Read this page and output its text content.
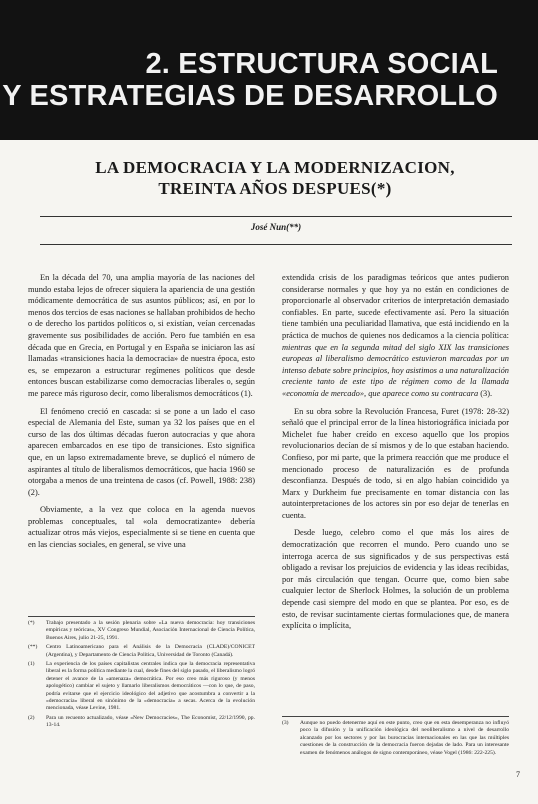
2. ESTRUCTURA SOCIAL
Y ESTRATEGIAS DE DESARROLLO
LA DEMOCRACIA Y LA MODERNIZACION,
TREINTA AÑOS DESPUES(*)
José Nun(**)

En la década del 70, una amplia mayoría de las naciones del mundo estaba lejos de ofrecer siquiera la apariencia de una gestión módicamente democrática de sus asuntos públicos; así, en por lo menos dos tercios de esas naciones se hallaban prohibidos de hecho o de derecho los partidos políticos o, si existían, veían cercenadas gravemente sus posibilidades de acción. Pero fue también en esa década que en Grecia, en Portugal y en España se iniciaron las así llamadas «transiciones hacia la democracia» de nuestra época, esto es, se empezaron a estructurar regímenes políticos que desde entonces buscan estabilizarse como democracias liberales o, según me parece más riguroso decir, como liberalismos democráticos (1).

El fenómeno creció en cascada: si se pone a un lado el caso especial de Alemania del Este, suman ya 32 los países que en el curso de las dos últimas décadas fueron autocracias y que ahora aparecen embarcados en ese tipo de transiciones. Esto significa que, en un lapso extremadamente breve, se duplicó el número de aspirantes al título de liberalismos democráticos, que hacia 1960 se otorgaba a menos de una treintena de casos (cf. Powell, 1988: 238) (2).

Obviamente, a la vez que coloca en la agenda nuevos problemas conceptuales, tal «ola democratizante» debería actualizar otros más viejos, especialmente si se tiene en cuenta que en las ciencias sociales, en general, se vive una

extendida crisis de los paradigmas teóricos que antes pudieron considerarse normales y que hoy ya no están en condiciones de proporcionarle al observador criterios de interpretación demasiado confiables. En parte, sucede efectivamente así. Pero la situación tiene también una peculiaridad llamativa, que está incidiendo en la práctica de muchos de quienes nos dedicamos a la ciencia política: mientras que en la segunda mitad del siglo XIX las transiciones europeas al liberalismo democrático estuvieron marcadas por un intenso debate sobre principios, hoy asistimos a una naturalización creciente tanto de este tipo de régimen como de la llamada «economía de mercado», que aparece como su contracara (3).

En su obra sobre la Revolución Francesa, Furet (1978: 28-32) señaló que el principal error de la línea historiográfica iniciada por Michelet fue haber creído en exceso aquello que los propios revolucionarios decían de sí mismos y de lo que estaban haciendo. Confieso, por mi parte, que la primera reacción que me produce el mencionado proceso de naturalización es de profunda desconfianza. Después de todo, si en algo habían coincidido ya Marx y Durkheim fue precisamente en tomar distancia con las autointerpretaciones de los actores sin por eso dejar de tenerlas en cuenta.

Desde luego, celebro como el que más los aires de democratización que recorren el mundo. Pero cuando uno se interroga acerca de sus significados y de sus perspectivas está obligado a revisar los prejuicios de evidencia y las ideas recibidas, por más circulación que tengan. Ocurre que, como bien sabe cualquier lector de Sherlock Holmes, la solución de un problema depende casi siempre del modo en que se plantea. Por eso, es de esto, de revisar sucintamente ciertas formulaciones que, de manera explícita o implícita,

(*)	Trabajo presentado a la sesión plenaria sobre «La nueva democracia: hoy transiciones empíricas y teóricas», XV Congreso Mundial, Asociación Internacional de Ciencia Política, Buenos Aires, julio 21-25, 1991.
(**)	Centro Latinoamericano para el Análisis de la Democracia (CLADE)/CONICET (Argentina), y Departamento de Ciencia Política, Universidad de Toronto (Canadá).
(1)	La experiencia de los países capitalistas centrales indica que la democracia representativa liberal es la forma política mediante la cual, desde fines del siglo pasado, el liberalismo logró detener el avance de la «amenaza» democrática. Por eso creo más riguroso (y menos apologético) cambiar el sujeto y llamarlo liberalismos democráticos —con lo que, de paso, podría evitarse que el ejercicio ideológico del adjetivo que acostumbra a convertir a la «democracia» liberal en sinónimo de la «democracia» a secas. Acerca de la evolución mencionada, véase Levine, 1981.
(2)	Para un recuento actualizado, véase «New Democracies», The Economist, 22/12/1990, pp. 13-14.	(3)	Aunque no puedo detenerme aquí en este punto, creo que en esta desemperanza no influyó poco la difusión y la unificación ideológica del neoliberalismo a nivel de desarrollo alcanzado por los sectores y por las burocracias internacionales en las que las múltiples cuestiones de la construcción de la democracia fueron dejadas de lado. Para un interesante examen de fenómenos análogos de signo contemporáneo, véase Vogel (1986: 222-225).
7
